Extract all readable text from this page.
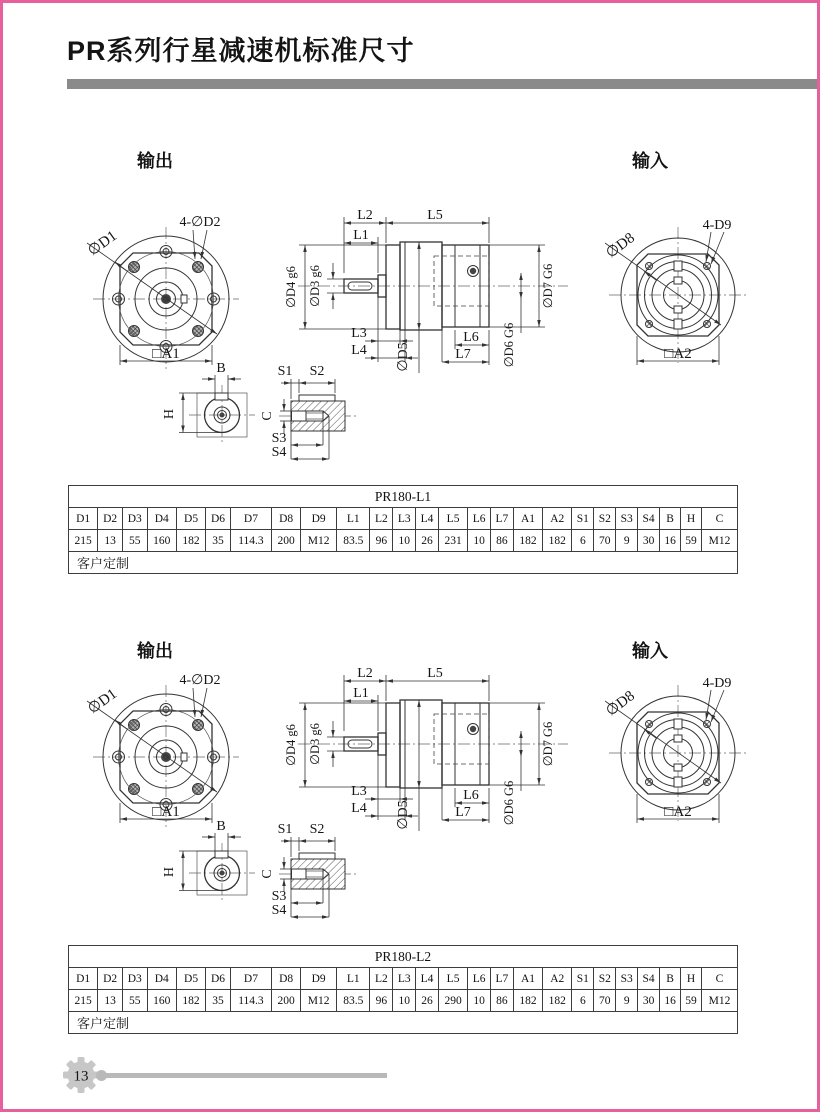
PR系列行星减速机标准尺寸
输出	输入
输出	输入
∅D1
4-∅D2
□A1
L2	L5
L1
∅D4 g6 ∅D3 g6
∅D5
∅D7 G6
∅D6 G6
L3
L4
L6
L7
∅D8
4-D9
□A2
B
H	C
S1 S2
S3
S4
∅D1
4-∅D2
□A1
L2	L5
L1
∅D4 g6 ∅D3 g6
∅D5
∅D7 G6
∅D6 G6
L3
L4
L6
L7
∅D8
4-D9
□A2
B
H	C
S1 S2
S3
S4
PR180-L1																								
D1	D2	D3	D4	D5	D6	D7	D8	D9	L1	L2	L3	L4	L5	L6	L7	A1	A2	S1	S2	S3	S4	B	H	C
215	13	55	160	182	35	114.3	200	M12	83.5	96	10	26	231	10	86	182	182	6	70	9	30	16	59	M12
客户定制																								
PR180-L2																								
D1	D2	D3	D4	D5	D6	D7	D8	D9	L1	L2	L3	L4	L5	L6	L7	A1	A2	S1	S2	S3	S4	B	H	C
215	13	55	160	182	35	114.3	200	M12	83.5	96	10	26	290	10	86	182	182	6	70	9	30	16	59	M12
客户定制																								
13
